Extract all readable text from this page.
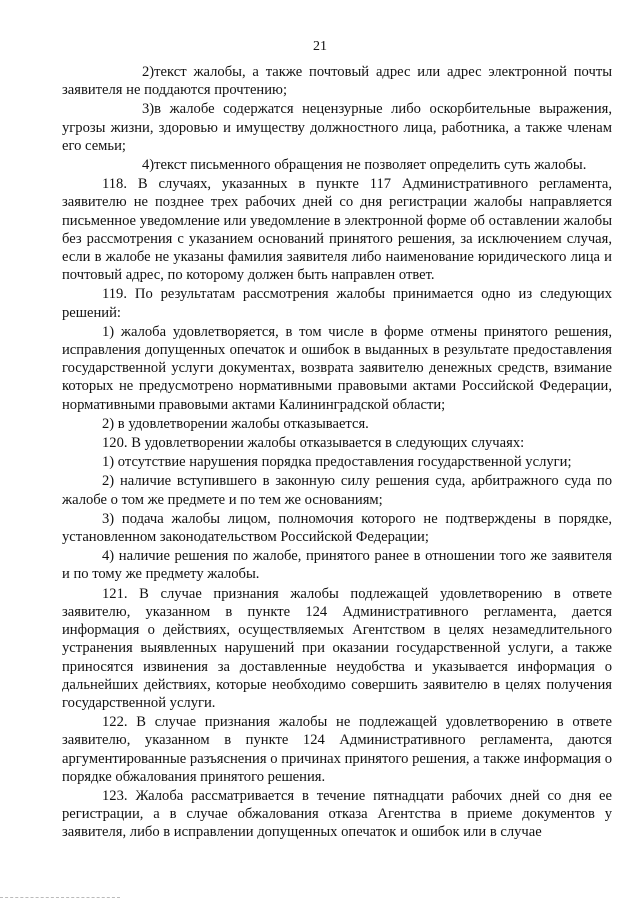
21

2)текст жалобы, а также почтовый адрес или адрес электронной почты заявителя не поддаются прочтению;

3)в жалобе содержатся нецензурные либо оскорбительные выражения, угрозы жизни, здоровью и имуществу должностного лица, работника, а также членам его семьи;

4)текст письменного обращения не позволяет определить суть жалобы.

118. В случаях, указанных в пункте 117 Административного регламента, заявителю не позднее трех рабочих дней со дня регистрации жалобы направляется письменное уведомление или уведомление в электронной форме об оставлении жалобы без рассмотрения с указанием оснований принятого решения, за исключением случая, если в жалобе не указаны фамилия заявителя либо наименование юридического лица и почтовый адрес, по которому должен быть направлен ответ.

119. По результатам рассмотрения жалобы принимается одно из следующих решений:

1) жалоба удовлетворяется, в том числе в форме отмены принятого решения, исправления допущенных опечаток и ошибок в выданных в результате предоставления государственной услуги документах, возврата заявителю денежных средств, взимание которых не предусмотрено нормативными правовыми актами Российской Федерации, нормативными правовыми актами Калининградской области;

2) в удовлетворении жалобы отказывается.

120. В удовлетворении жалобы отказывается в следующих случаях:

1) отсутствие нарушения порядка предоставления государственной услуги;

2) наличие вступившего в законную силу решения суда, арбитражного суда по жалобе о том же предмете и по тем же основаниям;

3) подача жалобы лицом, полномочия которого не подтверждены в порядке, установленном законодательством Российской Федерации;

4) наличие решения по жалобе, принятого ранее в отношении того же заявителя и по тому же предмету жалобы.

121. В случае признания жалобы подлежащей удовлетворению в ответе заявителю, указанном в пункте 124 Административного регламента, дается информация о действиях, осуществляемых Агентством в целях незамедлительного устранения выявленных нарушений при оказании государственной услуги, а также приносятся извинения за доставленные неудобства и указывается информация о дальнейших действиях, которые необходимо совершить заявителю в целях получения государственной услуги.

122. В случае признания жалобы не подлежащей удовлетворению в ответе заявителю, указанном в пункте 124 Административного регламента, даются аргументированные разъяснения о причинах принятого решения, а также информация о порядке обжалования принятого решения.

123. Жалоба рассматривается в течение пятнадцати рабочих дней со дня ее регистрации, а в случае обжалования отказа Агентства в приеме документов у заявителя, либо в исправлении допущенных опечаток и ошибок или в случае
